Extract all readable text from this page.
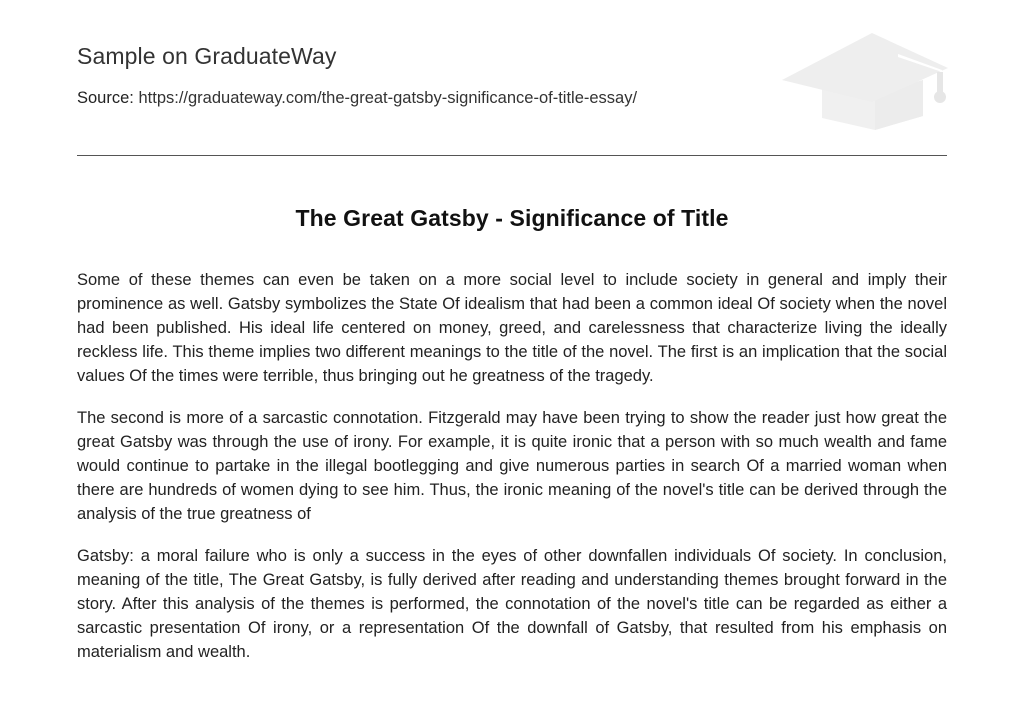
Sample on GraduateWay
Source: https://graduateway.com/the-great-gatsby-significance-of-title-essay/
The Great Gatsby - Significance of Title

Some of these themes can even be taken on a more social level to include society in general and imply their prominence as well. Gatsby symbolizes the State Of idealism that had been a common ideal Of society when the novel had been published. His ideal life centered on money, greed, and carelessness that characterize living the ideally reckless life. This theme implies two different meanings to the title of the novel. The first is an implication that the social values Of the times were terrible, thus bringing out he greatness of the tragedy.

The second is more of a sarcastic connotation. Fitzgerald may have been trying to show the reader just how great the great Gatsby was through the use of irony. For example, it is quite ironic that a person with so much wealth and fame would continue to partake in the illegal bootlegging and give numerous parties in search Of a married woman when there are hundreds of women dying to see him. Thus, the ironic meaning of the novel's title can be derived through the analysis of the true greatness of

Gatsby: a moral failure who is only a success in the eyes of other downfallen individuals Of society. In conclusion, meaning of the title, The Great Gatsby, is fully derived after reading and understanding themes brought forward in the story. After this analysis of the themes is performed, the connotation of the novel's title can be regarded as either a sarcastic presentation Of irony, or a representation Of the downfall of Gatsby, that resulted from his emphasis on materialism and wealth.
